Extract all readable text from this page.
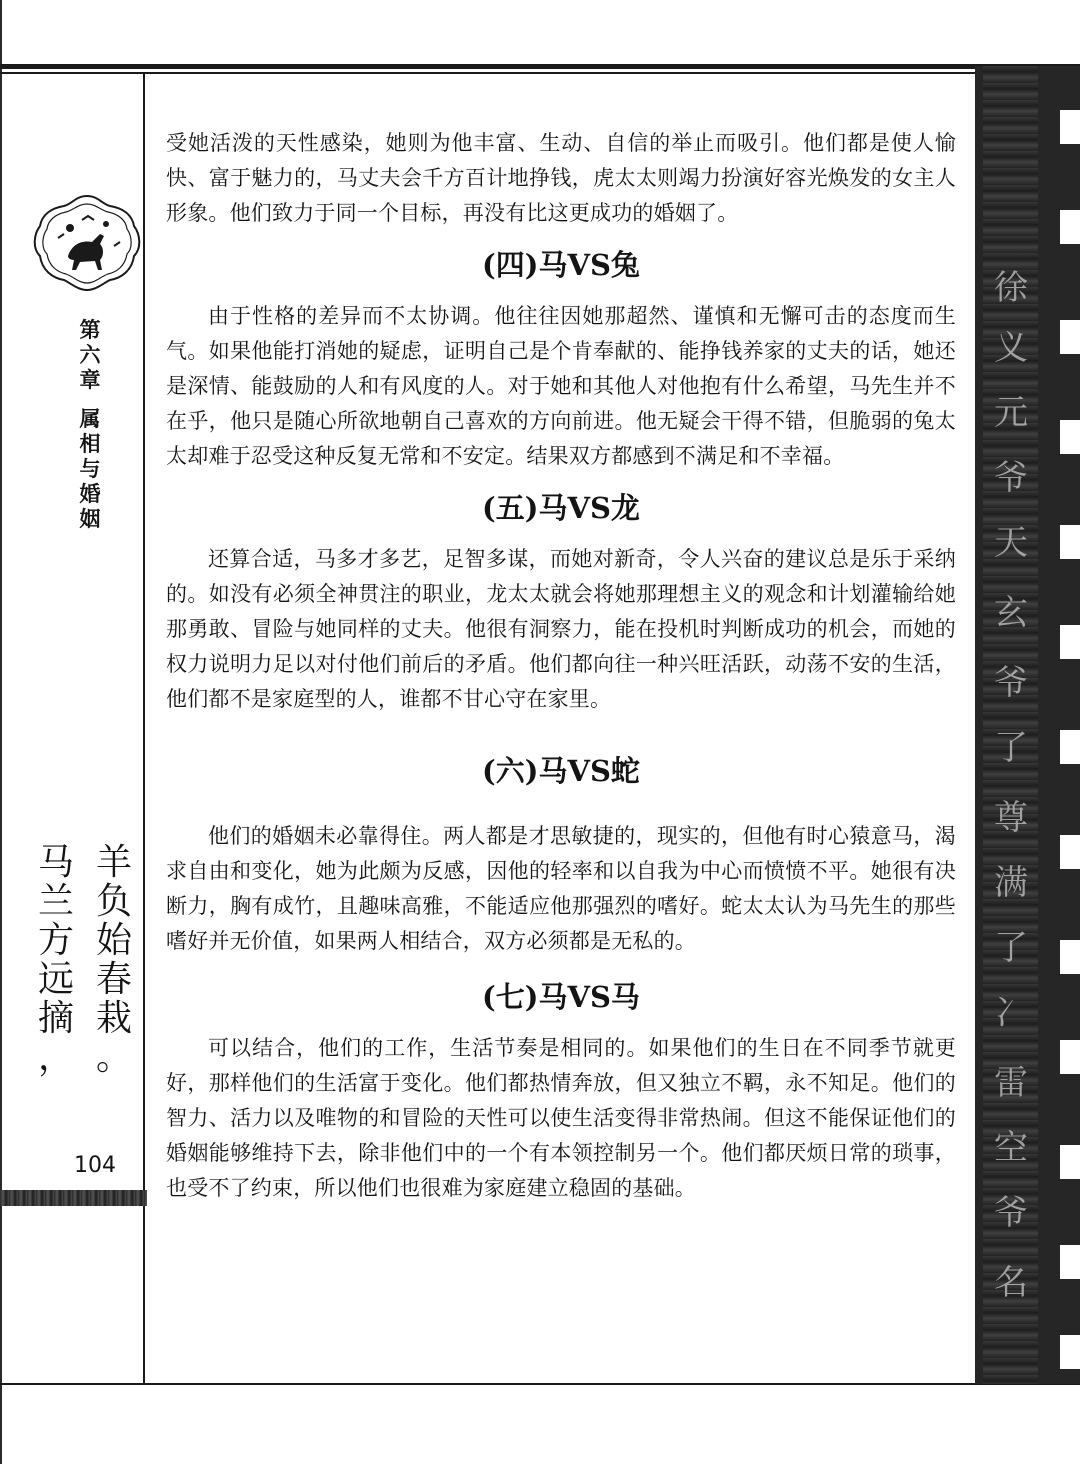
徐
义
元
爷
天
玄
爷
了
尊
满
了
冫
雷
空
爷
名
第
六
章
属
相
与
婚
姻
羊
负
始
春
栽
。
马
兰
方
远
摘
，
104

受她活泼的天性感染，她则为他丰富、生动、自信的举止而吸引。他们都是使人愉快、富于魅力的，马丈夫会千方百计地挣钱，虎太太则竭力扮演好容光焕发的女主人形象。他们致力于同一个目标，再没有比这更成功的婚姻了。

(四)马VS兔

由于性格的差异而不太协调。他往往因她那超然、谨慎和无懈可击的态度而生气。如果他能打消她的疑虑，证明自己是个肯奉献的、能挣钱养家的丈夫的话，她还是深情、能鼓励的人和有风度的人。对于她和其他人对他抱有什么希望，马先生并不在乎，他只是随心所欲地朝自己喜欢的方向前进。他无疑会干得不错，但脆弱的兔太太却难于忍受这种反复无常和不安定。结果双方都感到不满足和不幸福。

(五)马VS龙

还算合适，马多才多艺，足智多谋，而她对新奇，令人兴奋的建议总是乐于采纳的。如没有必须全神贯注的职业，龙太太就会将她那理想主义的观念和计划灌输给她那勇敢、冒险与她同样的丈夫。他很有洞察力，能在投机时判断成功的机会，而她的权力说明力足以对付他们前后的矛盾。他们都向往一种兴旺活跃，动荡不安的生活，他们都不是家庭型的人，谁都不甘心守在家里。

(六)马VS蛇

他们的婚姻未必靠得住。两人都是才思敏捷的，现实的，但他有时心猿意马，渴求自由和变化，她为此颇为反感，因他的轻率和以自我为中心而愤愤不平。她很有决断力，胸有成竹，且趣味高雅，不能适应他那强烈的嗜好。蛇太太认为马先生的那些嗜好并无价值，如果两人相结合，双方必须都是无私的。

(七)马VS马

可以结合，他们的工作，生活节奏是相同的。如果他们的生日在不同季节就更好，那样他们的生活富于变化。他们都热情奔放，但又独立不羁，永不知足。他们的智力、活力以及唯物的和冒险的天性可以使生活变得非常热闹。但这不能保证他们的婚姻能够维持下去，除非他们中的一个有本领控制另一个。他们都厌烦日常的琐事，也受不了约束，所以他们也很难为家庭建立稳固的基础。
